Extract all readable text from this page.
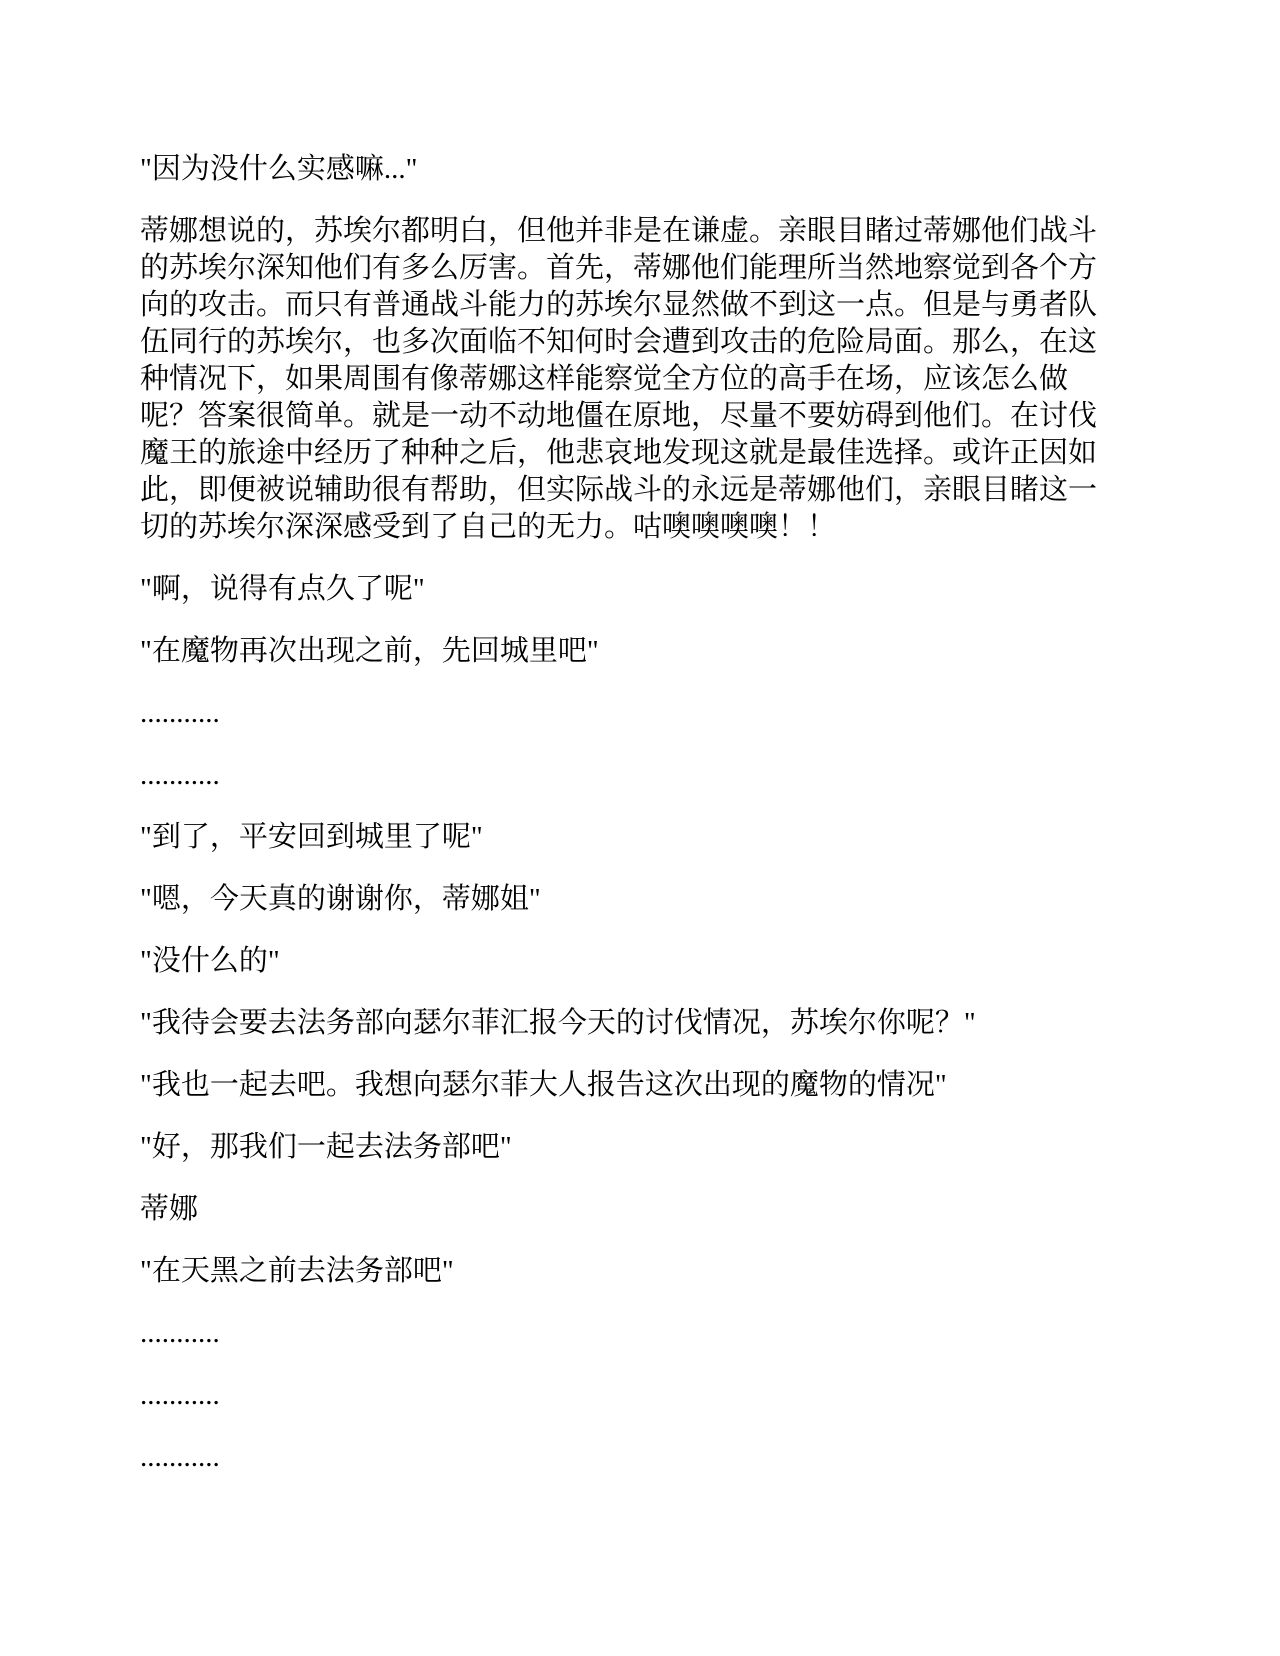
"因为没什么实感嘛..."

蒂娜想说的，苏埃尔都明白，但他并非是在谦虚。亲眼目睹过蒂娜他们战斗的苏埃尔深知他们有多么厉害。首先，蒂娜他们能理所当然地察觉到各个方向的攻击。而只有普通战斗能力的苏埃尔显然做不到这一点。但是与勇者队伍同行的苏埃尔，也多次面临不知何时会遭到攻击的危险局面。那么，在这种情况下，如果周围有像蒂娜这样能察觉全方位的高手在场，应该怎么做呢？答案很简单。就是一动不动地僵在原地，尽量不要妨碍到他们。在讨伐魔王的旅途中经历了种种之后，他悲哀地发现这就是最佳选择。或许正因如此，即便被说辅助很有帮助，但实际战斗的永远是蒂娜他们，亲眼目睹这一切的苏埃尔深深感受到了自己的无力。咕噢噢噢噢！！

"啊，说得有点久了呢"

"在魔物再次出现之前，先回城里吧"

...........

...........

"到了，平安回到城里了呢"

"嗯，今天真的谢谢你，蒂娜姐"

"没什么的"

"我待会要去法务部向瑟尔菲汇报今天的讨伐情况，苏埃尔你呢？"

"我也一起去吧。我想向瑟尔菲大人报告这次出现的魔物的情况"

"好，那我们一起去法务部吧"

蒂娜

"在天黑之前去法务部吧"

...........

...........

...........
